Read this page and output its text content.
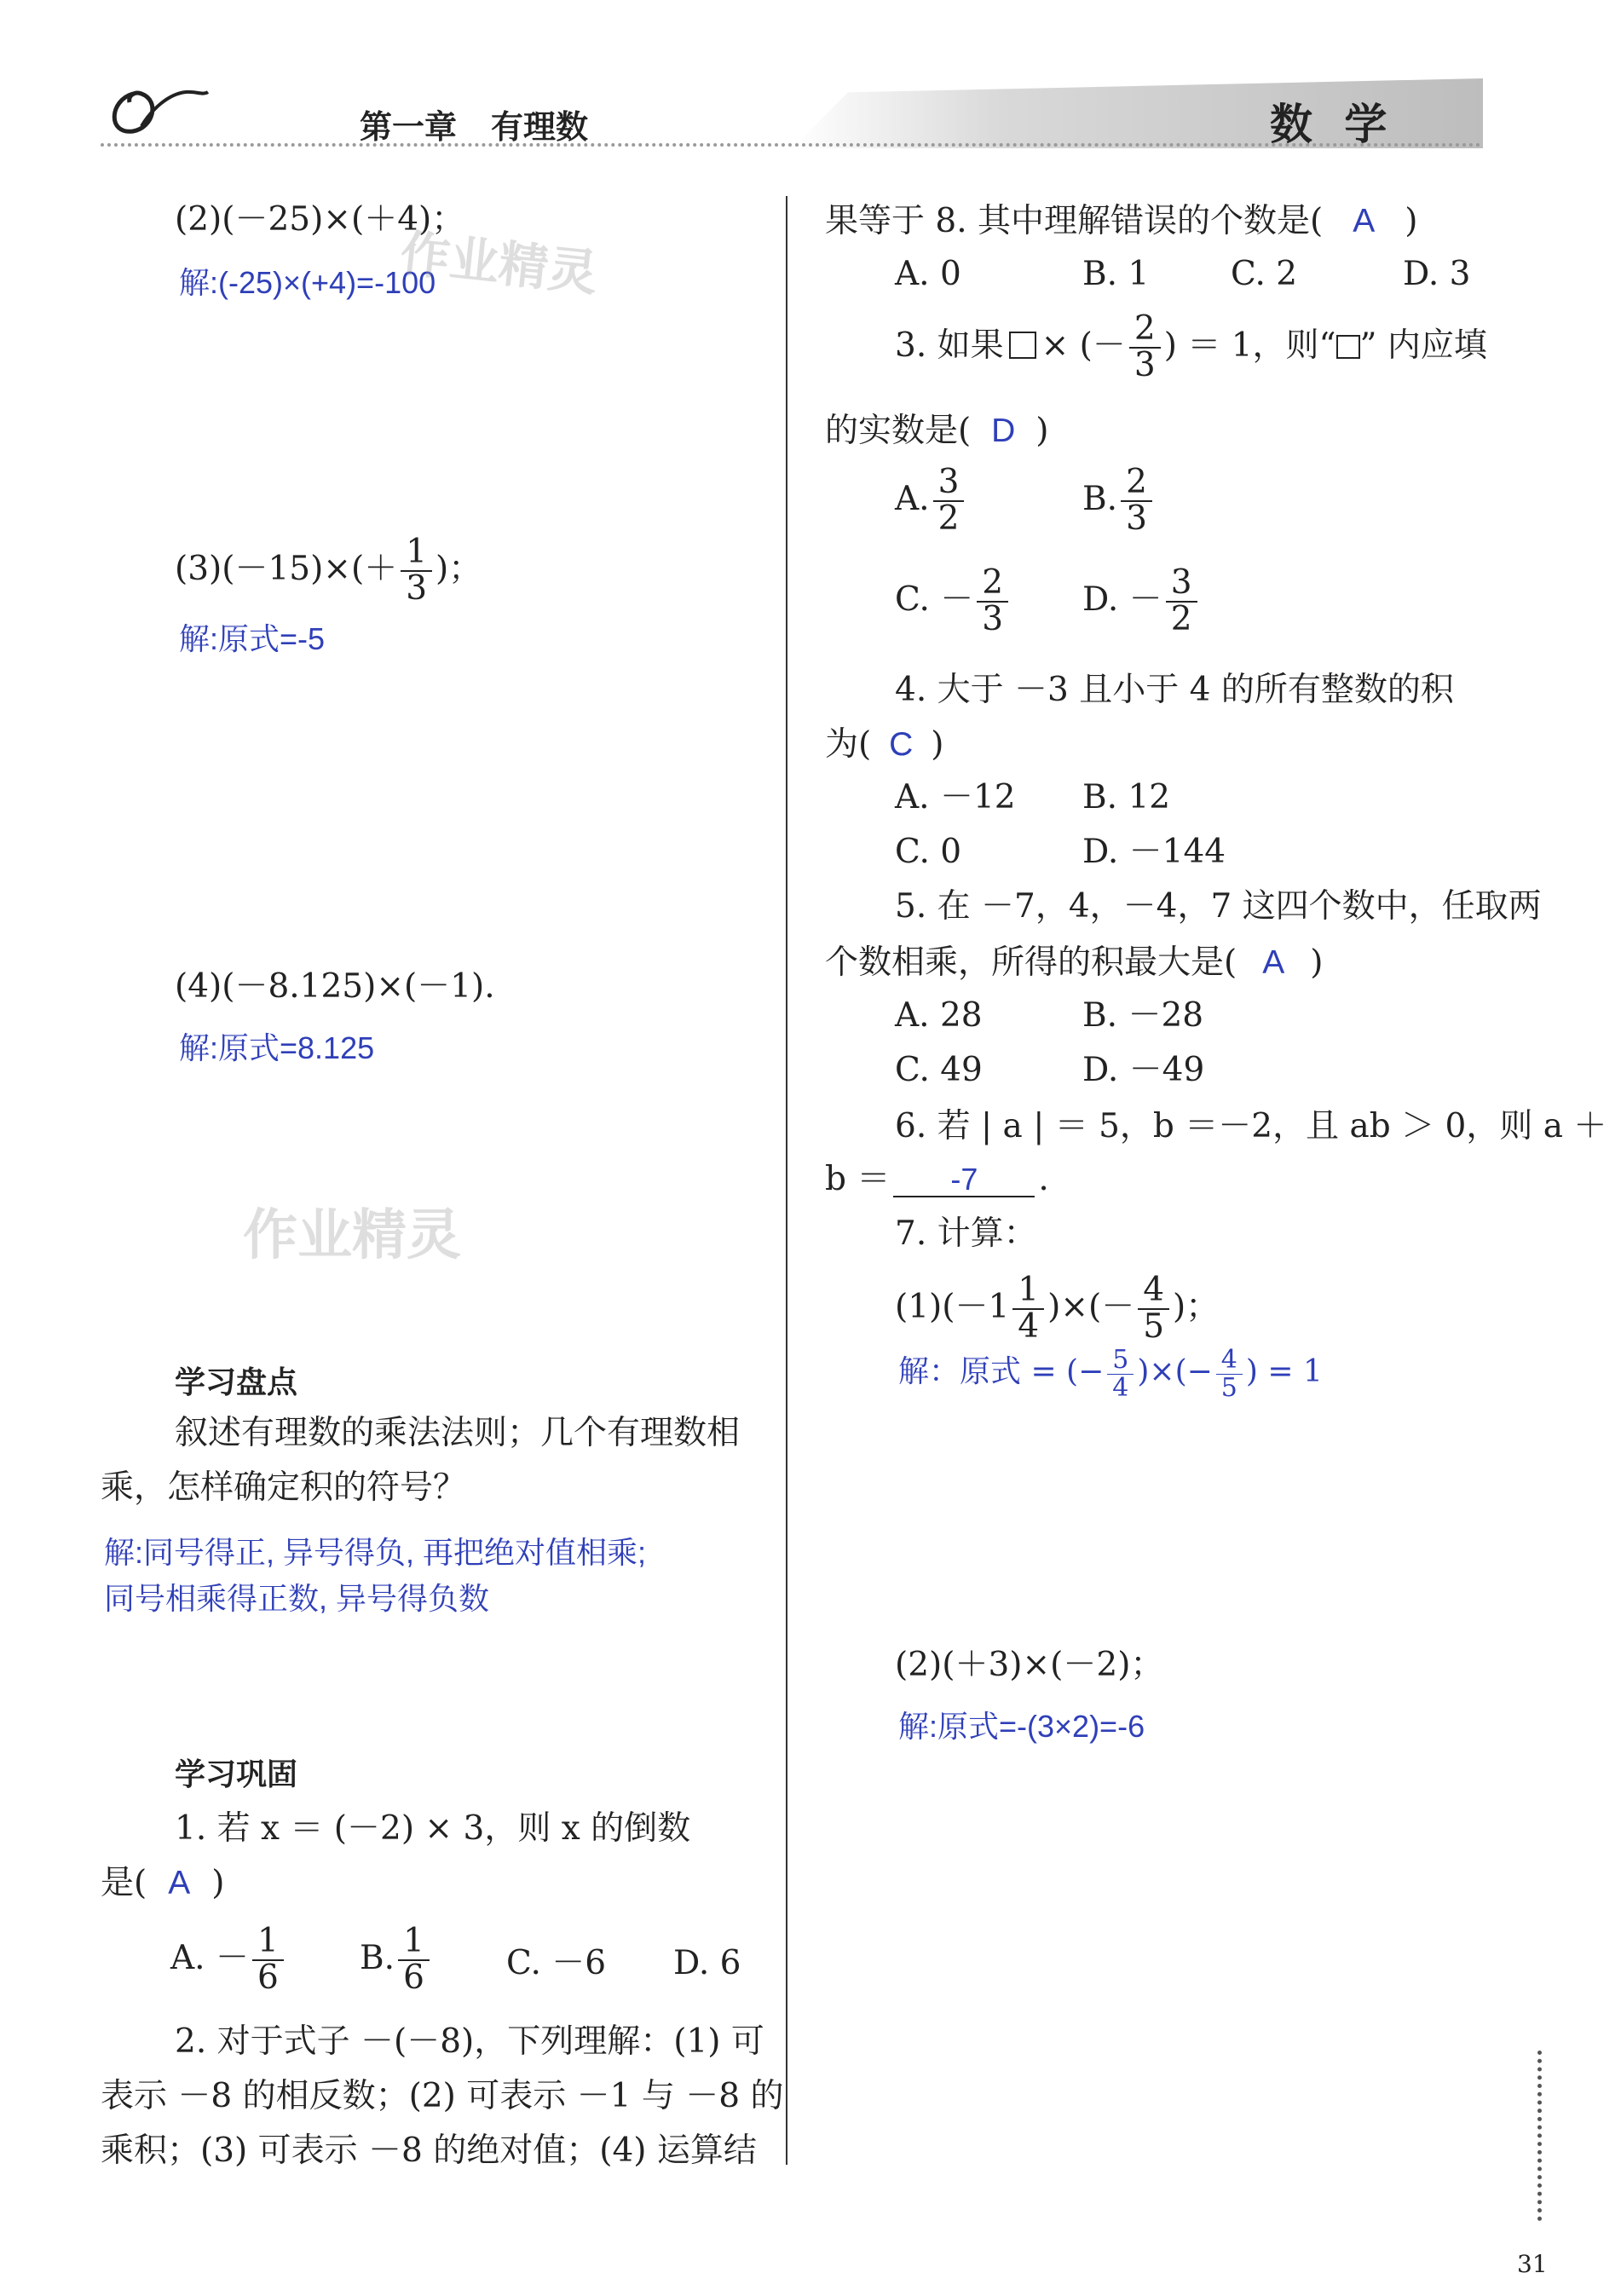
第一章 有理数	数 学
(2)(－25)×(＋4)；
解:(-25)×(+4)=-100
作业精灵
$(3)(-15)\times(+ \frac{1}{3}$ )；
解:原式=-5
(4)(－8.125)×(－1).
解:原式=8.125
作业精灵
学习盘点
叙述有理数的乘法法则；几个有理数相
乘，怎样确定积的符号？
解:同号得正, 异号得负, 再把绝对值相乘;
同号相乘得正数, 异号得负数
学习巩固
1. 若 x ＝ (－2) × 3，则 x 的倒数
是( A )
A. － $\frac{1}{6} B$. $\frac{1}{6} C$. －6 D. 6
2. 对于式子 －(－8)，下列理解：(1) 可
表示 －8 的相反数；(2) 可表示 －1 与 －8 的
乘积；(3) 可表示 －8 的绝对值；(4) 运算结
果等于 8. 其中理解错误的个数是( A )
A. 0	B. 1 C. 2	D. 3
3. 如果 × (－ $\frac{2}{3}$ ) ＝ 1，则“ ” 内应填
的实数是( D )
A. $\frac{3}{2}$	B. $\frac{2}{3}$
C. － $\frac{2}{3} D$. － $\frac{3}{2}$
4. 大于 －3 且小于 4 的所有整数的积
为( C )
A. －12 B. 12
C. 0	D. －144
5. 在 －7，4，－4，7 这四个数中，任取两
个数相乘，所得的积最大是( A )
A. 28	B. －28
C. 49	D. －49
6. 若 | a | ＝ 5，b ＝－2，且 ab ＞ 0，则 a ＋
b ＝ -7 .
7. 计算：
$(1)(-1 \frac{1}{4}$ )×(－ $\frac{4}{5}$ )；
解：原式 = (− $\frac{5}{4}$ )×(− $\frac{4}{5}$ ) = 1
(2)(＋3)×(－2)；
解:原式=-(3×2)=-6
31
